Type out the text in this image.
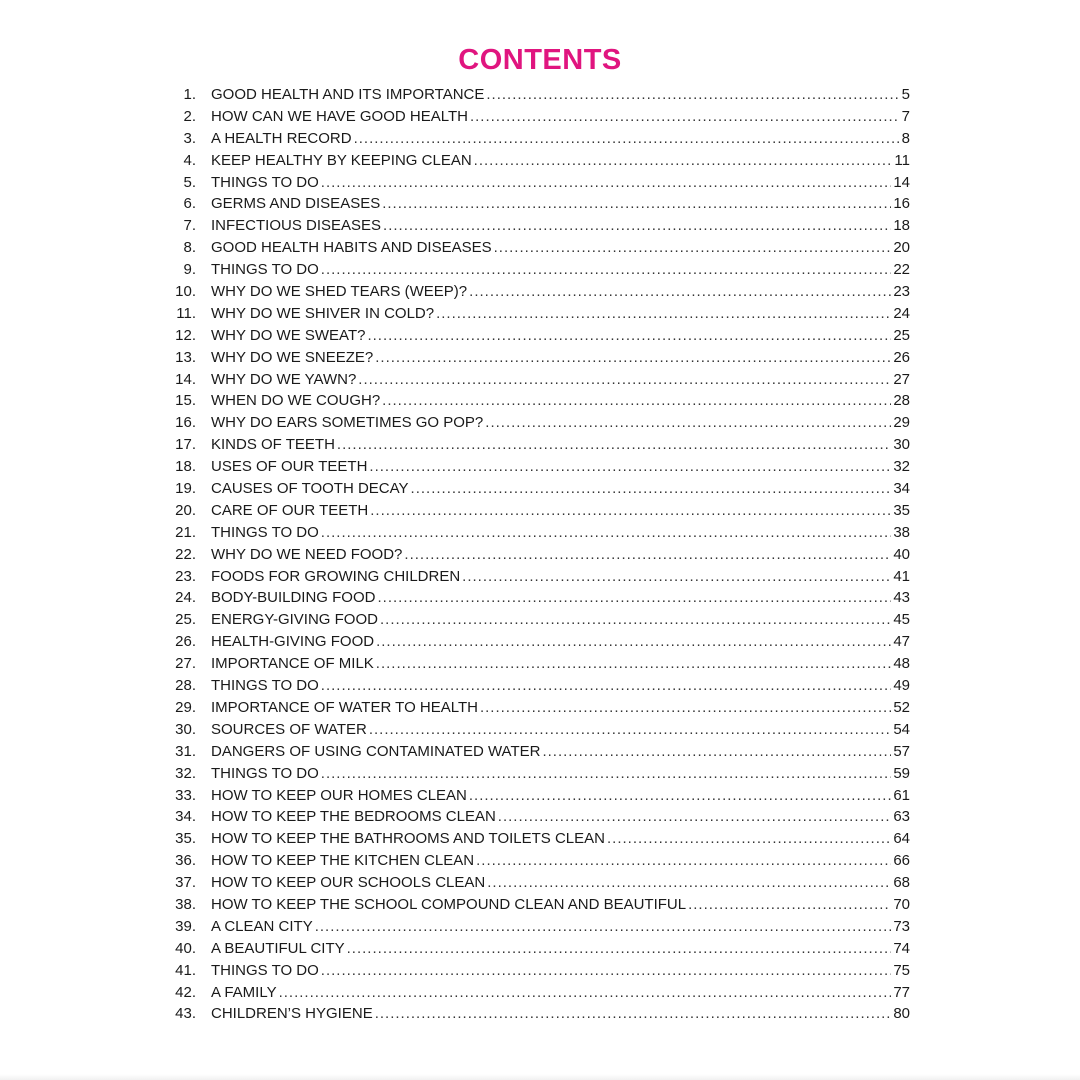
CONTENTS
1. GOOD HEALTH AND ITS IMPORTANCE .....	5
2. HOW CAN WE HAVE GOOD HEALTH .....	7
3. A HEALTH RECORD .....	8
4. KEEP HEALTHY BY KEEPING CLEAN .....	11
5. THINGS TO DO .....	14
6. GERMS AND DISEASES .....	16
7. INFECTIOUS DISEASES .....	18
8. GOOD HEALTH HABITS AND DISEASES .....	20
9. THINGS TO DO .....	22
10. WHY DO WE SHED TEARS (WEEP)? .....	23
11. WHY DO WE SHIVER IN COLD? .....	24
12. WHY DO WE SWEAT? .....	25
13. WHY DO WE SNEEZE? .....	26
14. WHY DO WE YAWN? .....	27
15. WHEN DO WE COUGH? .....	28
16. WHY DO EARS SOMETIMES GO POP? .....	29
17. KINDS OF TEETH .....	30
18. USES OF OUR TEETH .....	32
19. CAUSES OF TOOTH DECAY .....	34
20. CARE OF OUR TEETH .....	35
21. THINGS TO DO .....	38
22. WHY DO WE NEED FOOD? .....	40
23. FOODS FOR GROWING CHILDREN .....	41
24. BODY-BUILDING FOOD .....	43
25. ENERGY-GIVING FOOD .....	45
26. HEALTH-GIVING FOOD .....	47
27. IMPORTANCE OF MILK .....	48
28. THINGS TO DO .....	49
29. IMPORTANCE OF WATER TO HEALTH .....	52
30. SOURCES OF WATER .....	54
31. DANGERS OF USING CONTAMINATED WATER .....	57
32. THINGS TO DO .....	59
33. HOW TO KEEP OUR HOMES CLEAN .....	61
34. HOW TO KEEP THE BEDROOMS CLEAN .....	63
35. HOW TO KEEP THE BATHROOMS AND TOILETS CLEAN .....	64
36. HOW TO KEEP THE KITCHEN CLEAN .....	66
37. HOW TO KEEP OUR SCHOOLS CLEAN .....	68
38. HOW TO KEEP THE SCHOOL COMPOUND CLEAN AND BEAUTIFUL .....	70
39. A CLEAN CITY .....	73
40. A BEAUTIFUL CITY .....	74
41. THINGS TO DO .....	75
42. A FAMILY .....	77
43. CHILDREN’S HYGIENE .....	80
